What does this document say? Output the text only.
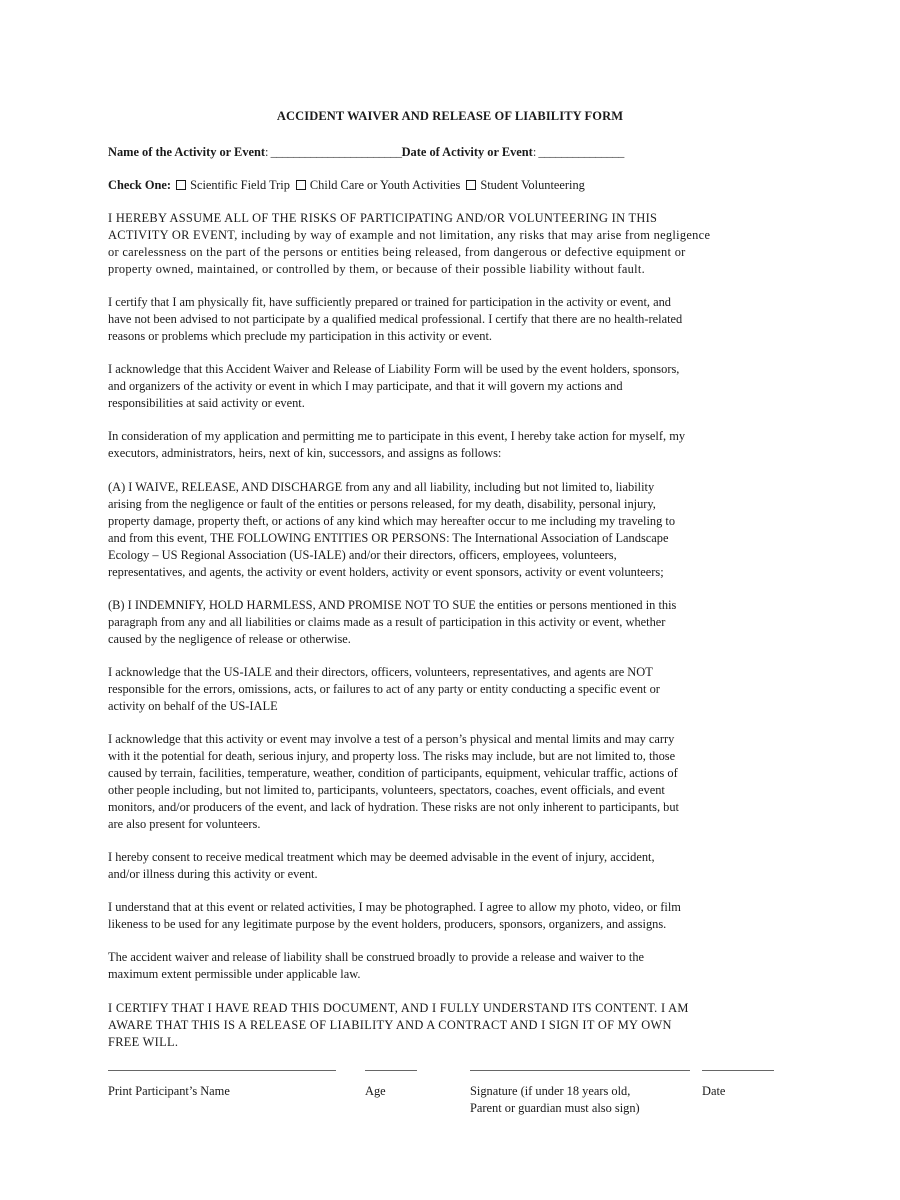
ACCIDENT WAIVER AND RELEASE OF LIABILITY FORM
Name of the Activity or Event: _______________________Date of Activity or Event: _______________
Check One: Scientific Field Trip Child Care or Youth Activities Student Volunteering
I HEREBY ASSUME ALL OF THE RISKS OF PARTICIPATING AND/OR VOLUNTEERING IN THIS
ACTIVITY OR EVENT, including by way of example and not limitation, any risks that may arise from negligence
or carelessness on the part of the persons or entities being released, from dangerous or defective equipment or
property owned, maintained, or controlled by them, or because of their possible liability without fault.
I certify that I am physically fit, have sufficiently prepared or trained for participation in the activity or event, and
have not been advised to not participate by a qualified medical professional. I certify that there are no health-related
reasons or problems which preclude my participation in this activity or event.
I acknowledge that this Accident Waiver and Release of Liability Form will be used by the event holders, sponsors,
and organizers of the activity or event in which I may participate, and that it will govern my actions and
responsibilities at said activity or event.
In consideration of my application and permitting me to participate in this event, I hereby take action for myself, my
executors, administrators, heirs, next of kin, successors, and assigns as follows:
(A) I WAIVE, RELEASE, AND DISCHARGE from any and all liability, including but not limited to, liability
arising from the negligence or fault of the entities or persons released, for my death, disability, personal injury,
property damage, property theft, or actions of any kind which may hereafter occur to me including my traveling to
and from this event, THE FOLLOWING ENTITIES OR PERSONS: The International Association of Landscape
Ecology – US Regional Association (US-IALE) and/or their directors, officers, employees, volunteers,
representatives, and agents, the activity or event holders, activity or event sponsors, activity or event volunteers;
(B) I INDEMNIFY, HOLD HARMLESS, AND PROMISE NOT TO SUE the entities or persons mentioned in this
paragraph from any and all liabilities or claims made as a result of participation in this activity or event, whether
caused by the negligence of release or otherwise.
I acknowledge that the US-IALE and their directors, officers, volunteers, representatives, and agents are NOT
responsible for the errors, omissions, acts, or failures to act of any party or entity conducting a specific event or
activity on behalf of the US-IALE
I acknowledge that this activity or event may involve a test of a person’s physical and mental limits and may carry
with it the potential for death, serious injury, and property loss. The risks may include, but are not limited to, those
caused by terrain, facilities, temperature, weather, condition of participants, equipment, vehicular traffic, actions of
other people including, but not limited to, participants, volunteers, spectators, coaches, event officials, and event
monitors, and/or producers of the event, and lack of hydration. These risks are not only inherent to participants, but
are also present for volunteers.
I hereby consent to receive medical treatment which may be deemed advisable in the event of injury, accident,
and/or illness during this activity or event.
I understand that at this event or related activities, I may be photographed. I agree to allow my photo, video, or film
likeness to be used for any legitimate purpose by the event holders, producers, sponsors, organizers, and assigns.
The accident waiver and release of liability shall be construed broadly to provide a release and waiver to the
maximum extent permissible under applicable law.
I CERTIFY THAT I HAVE READ THIS DOCUMENT, AND I FULLY UNDERSTAND ITS CONTENT. I AM
AWARE THAT THIS IS A RELEASE OF LIABILITY AND A CONTRACT AND I SIGN IT OF MY OWN
FREE WILL.
Print Participant’s Name	Age	Signature (if under 18 years old,
Parent or guardian must also sign)
Date
